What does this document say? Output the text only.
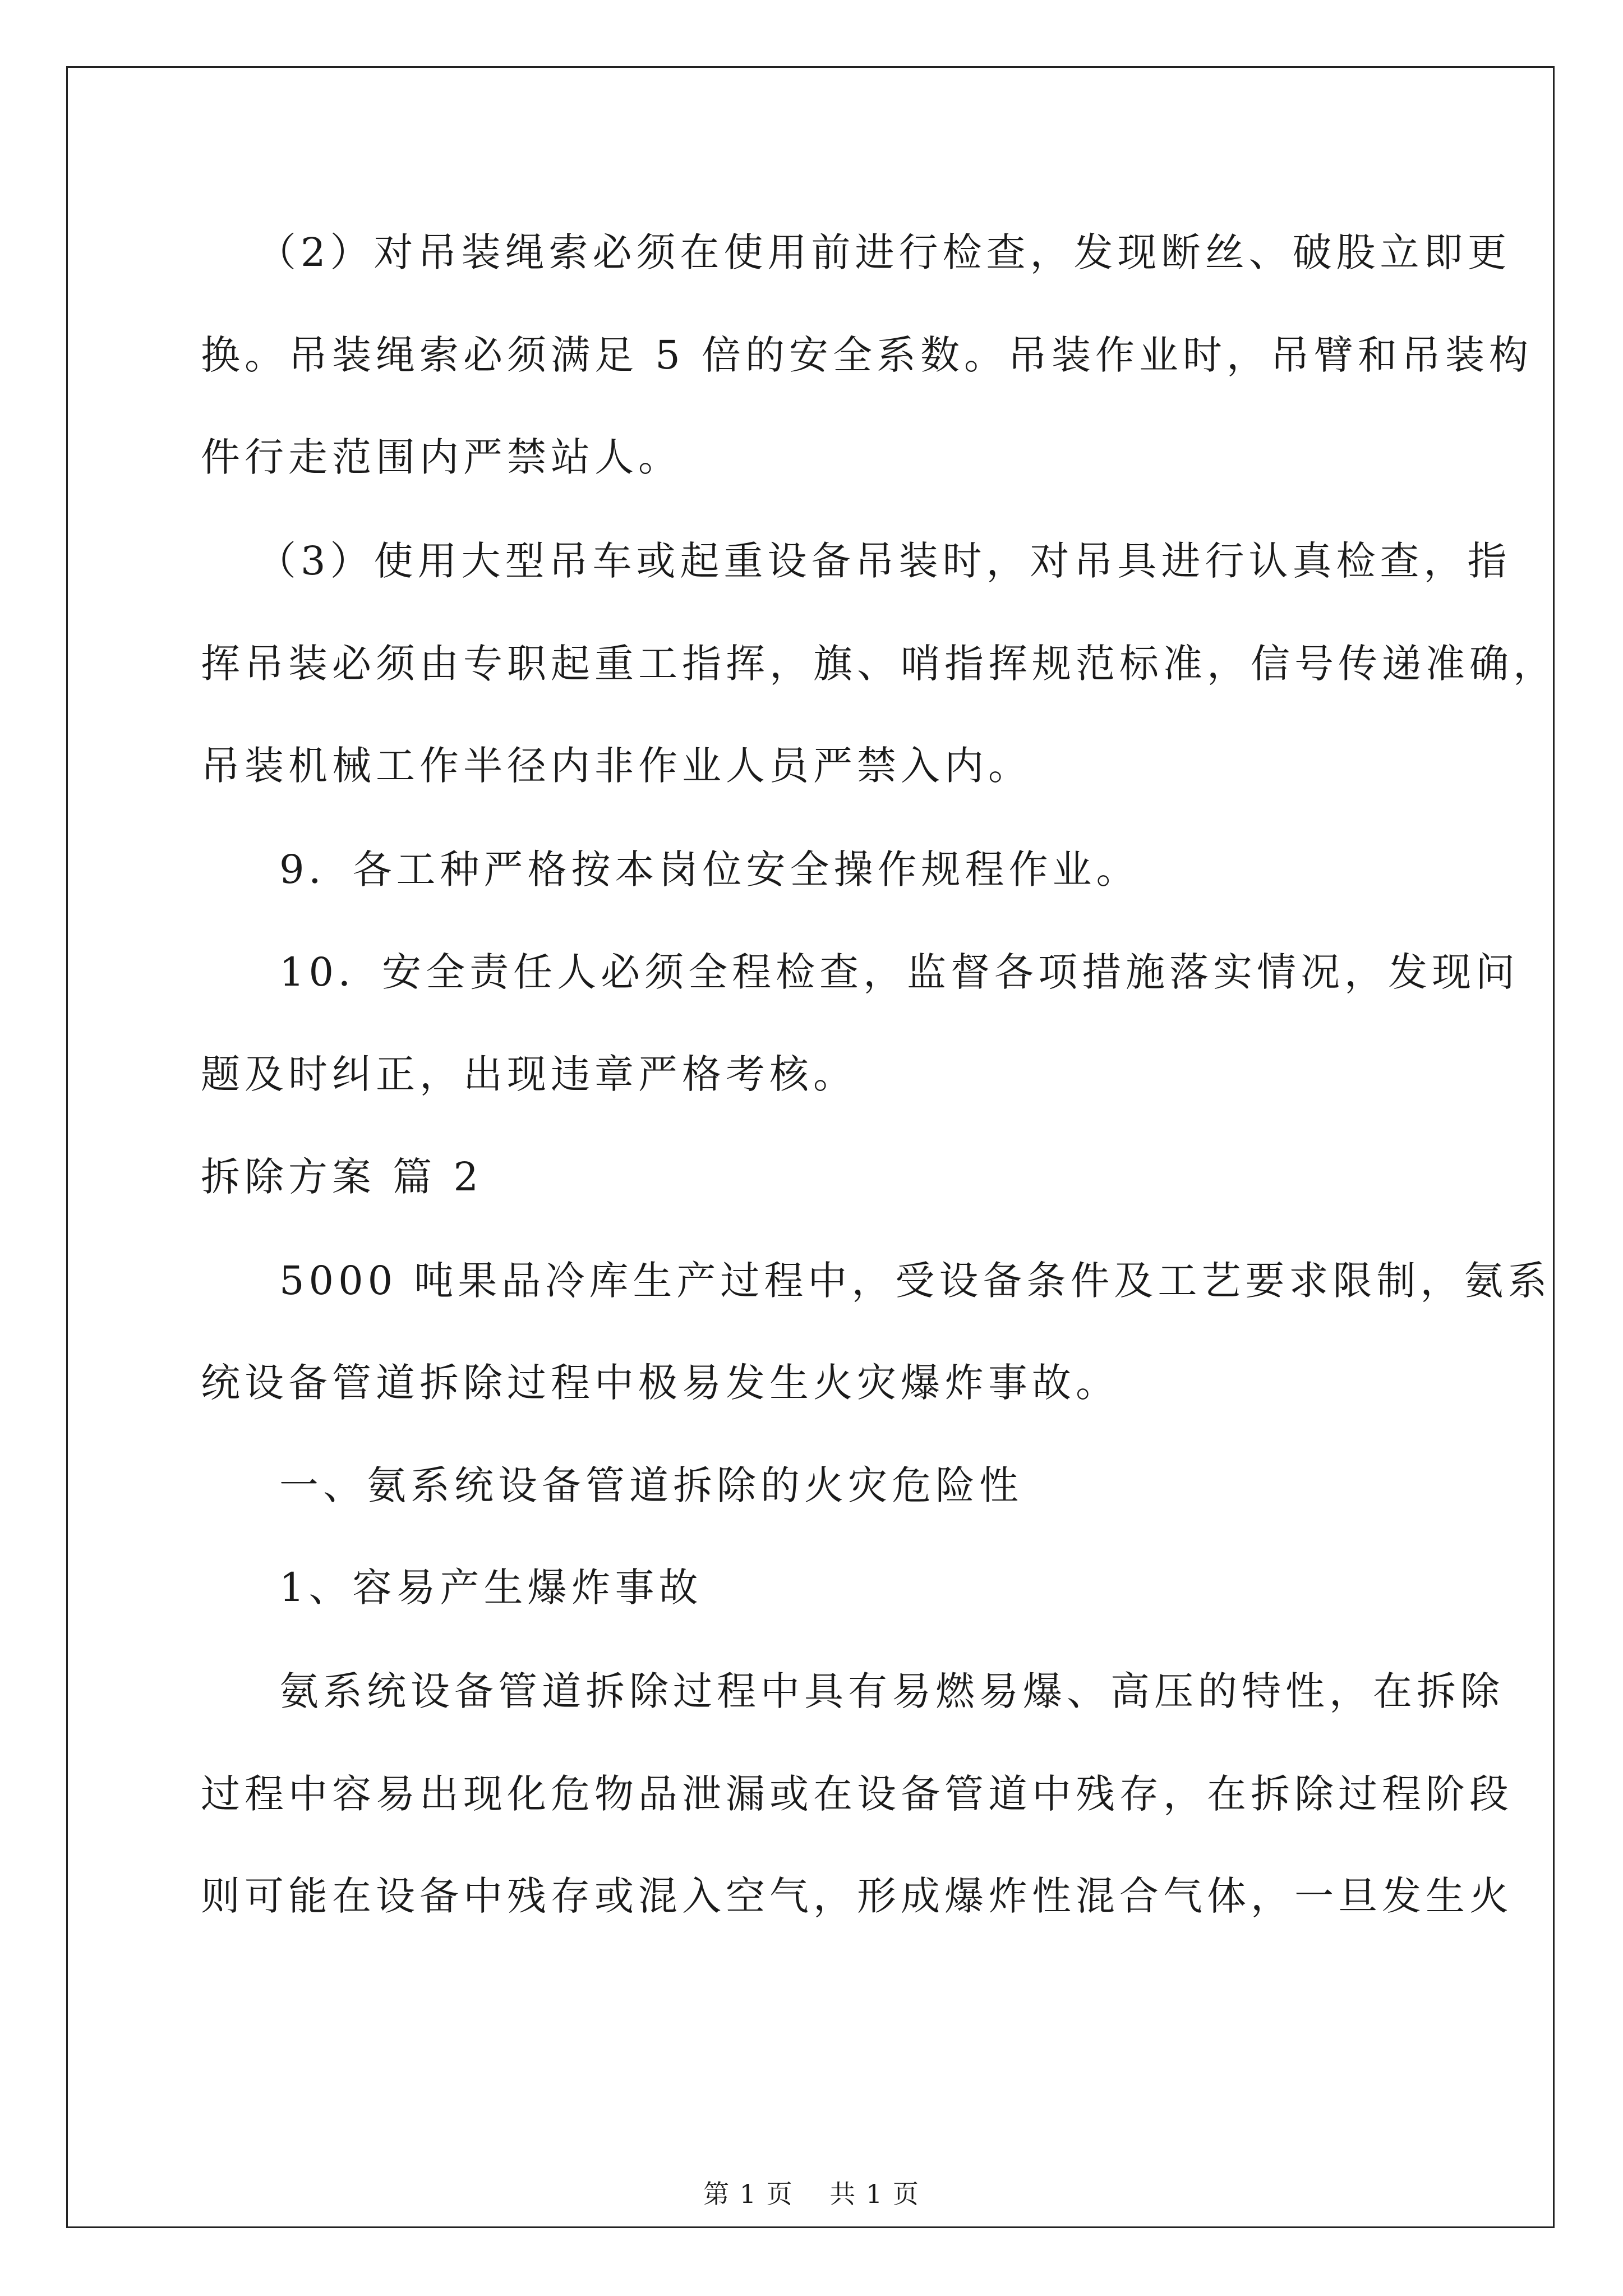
（2）对吊装绳索必须在使用前进行检查，发现断丝、破股立即更
换。吊装绳索必须满足 5 倍的安全系数。吊装作业时，吊臂和吊装构
件行走范围内严禁站人。
（3）使用大型吊车或起重设备吊装时，对吊具进行认真检查，指
挥吊装必须由专职起重工指挥，旗、哨指挥规范标准，信号传递准确，
吊装机械工作半径内非作业人员严禁入内。
9．各工种严格按本岗位安全操作规程作业。
10．安全责任人必须全程检查，监督各项措施落实情况，发现问
题及时纠正，出现违章严格考核。
拆除方案 篇 2
5000 吨果品冷库生产过程中，受设备条件及工艺要求限制，氨系
统设备管道拆除过程中极易发生火灾爆炸事故。
一、氨系统设备管道拆除的火灾危险性
1、容易产生爆炸事故
氨系统设备管道拆除过程中具有易燃易爆、高压的特性，在拆除
过程中容易出现化危物品泄漏或在设备管道中残存，在拆除过程阶段
则可能在设备中残存或混入空气，形成爆炸性混合气体，一旦发生火
第 1 页　 共 1 页
